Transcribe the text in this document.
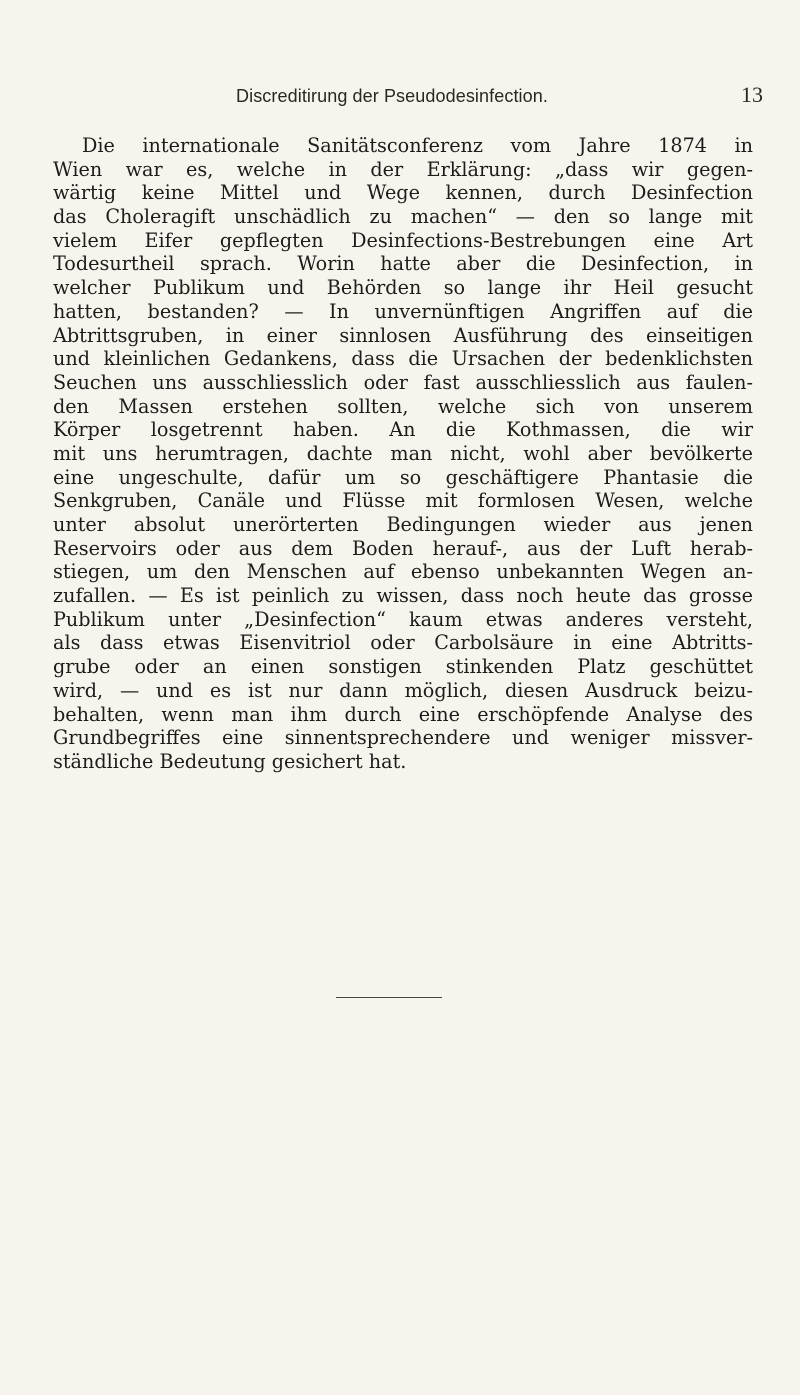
Discreditirung der Pseudodesinfection.	13
Die internationale Sanitätsconferenz vom Jahre 1874 in
Wien war es, welche in der Erklärung: „dass wir gegen-
wärtig keine Mittel und Wege kennen, durch Desinfection
das Choleragift unschädlich zu machen“ — den so lange mit
vielem Eifer gepflegten Desinfections-Bestrebungen eine Art
Todesurtheil sprach. Worin hatte aber die Desinfection, in
welcher Publikum und Behörden so lange ihr Heil gesucht
hatten, bestanden? — In unvernünftigen Angriffen auf die
Abtrittsgruben, in einer sinnlosen Ausführung des einseitigen
und kleinlichen Gedankens, dass die Ursachen der bedenklichsten
Seuchen uns ausschliesslich oder fast ausschliesslich aus faulen-
den Massen erstehen sollten, welche sich von unserem
Körper losgetrennt haben. An die Kothmassen, die wir
mit uns herumtragen, dachte man nicht, wohl aber bevölkerte
eine ungeschulte, dafür um so geschäftigere Phantasie die
Senkgruben, Canäle und Flüsse mit formlosen Wesen, welche
unter absolut unerörterten Bedingungen wieder aus jenen
Reservoirs oder aus dem Boden herauf-, aus der Luft herab-
stiegen, um den Menschen auf ebenso unbekannten Wegen an-
zufallen. — Es ist peinlich zu wissen, dass noch heute das grosse
Publikum unter „Desinfection“ kaum etwas anderes versteht,
als dass etwas Eisenvitriol oder Carbolsäure in eine Abtritts-
grube oder an einen sonstigen stinkenden Platz geschüttet
wird, — und es ist nur dann möglich, diesen Ausdruck beizu-
behalten, wenn man ihm durch eine erschöpfende Analyse des
Grundbegriffes eine sinnentsprechendere und weniger missver-
ständliche Bedeutung gesichert hat.
